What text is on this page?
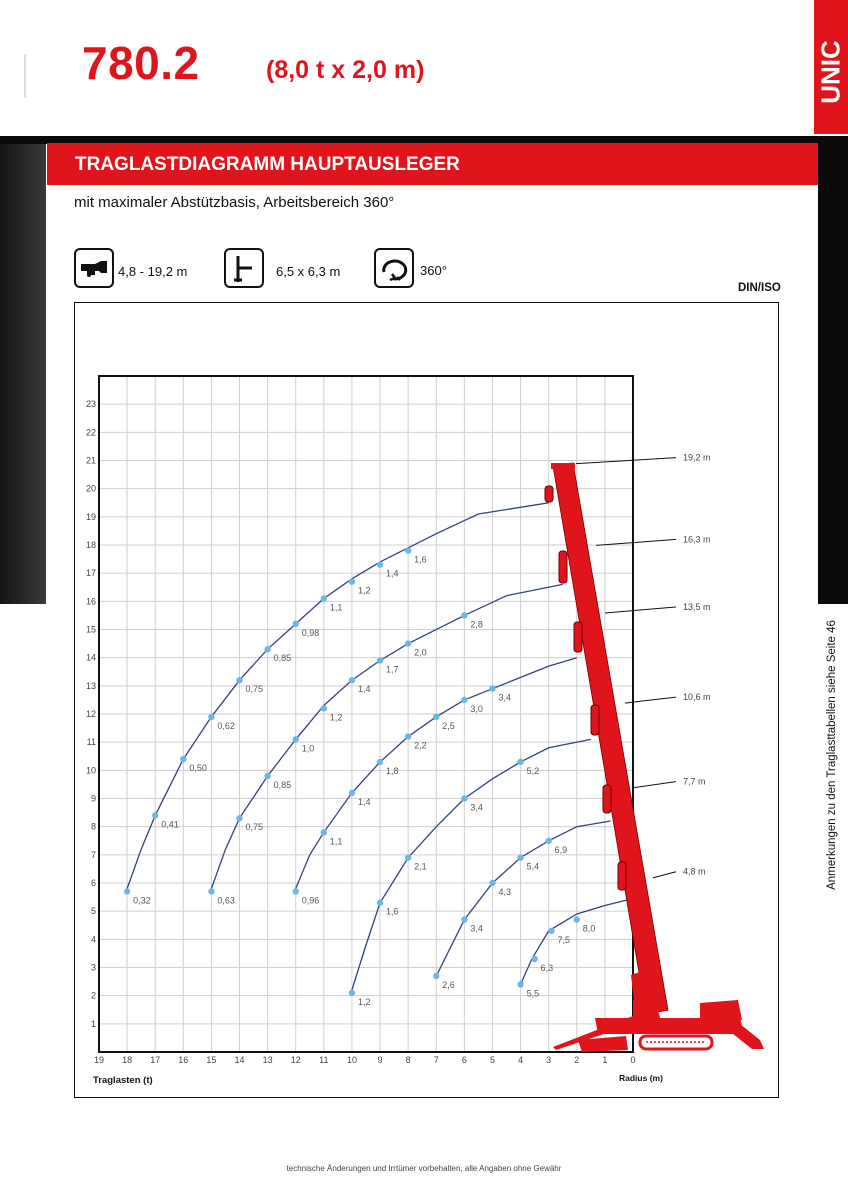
780.2	(8,0 t x 2,0 m)	UNIC
Anmerkungen zu den Traglasttabellen siehe Seite 46
TRAGLASTDIAGRAMM HAUPTAUSLEGER
mit maximaler Abstützbasis, Arbeitsbereich 360°
4,8 - 19,2 m	6,5 x 6,3 m	360°
DIN/ISO
19 18 17 16 15 14 13 12 11 10 9	8	7	6	5	4	3	2	1	0
1
2
3
4
5
6
7
8
9
10
11
12
13
14
15
16
17
18
19
20
21
22
23
Traglasten (t)	Radius (m)
0,32
0,41
0,50
0,62
0,75
0,85
0,98
1,1
1,2
1,4
1,6
0,63
0,75
0,85
1,0
1,2
1,4
1,7
2,0
2,8
0,96
1,1
1,4
1,8
2,2
2,5
3,0
3,4
1,2
1,6
2,1
3,4
5,2
2,6
3,4
4,3
5,4
6,9
5,5
6,3
7,5
8,0
19,2 m
16,3 m
13,5 m
10,6 m
7,7 m
4,8 m
technische Änderungen und Irrtümer vorbehalten, alle Angaben ohne Gewähr
